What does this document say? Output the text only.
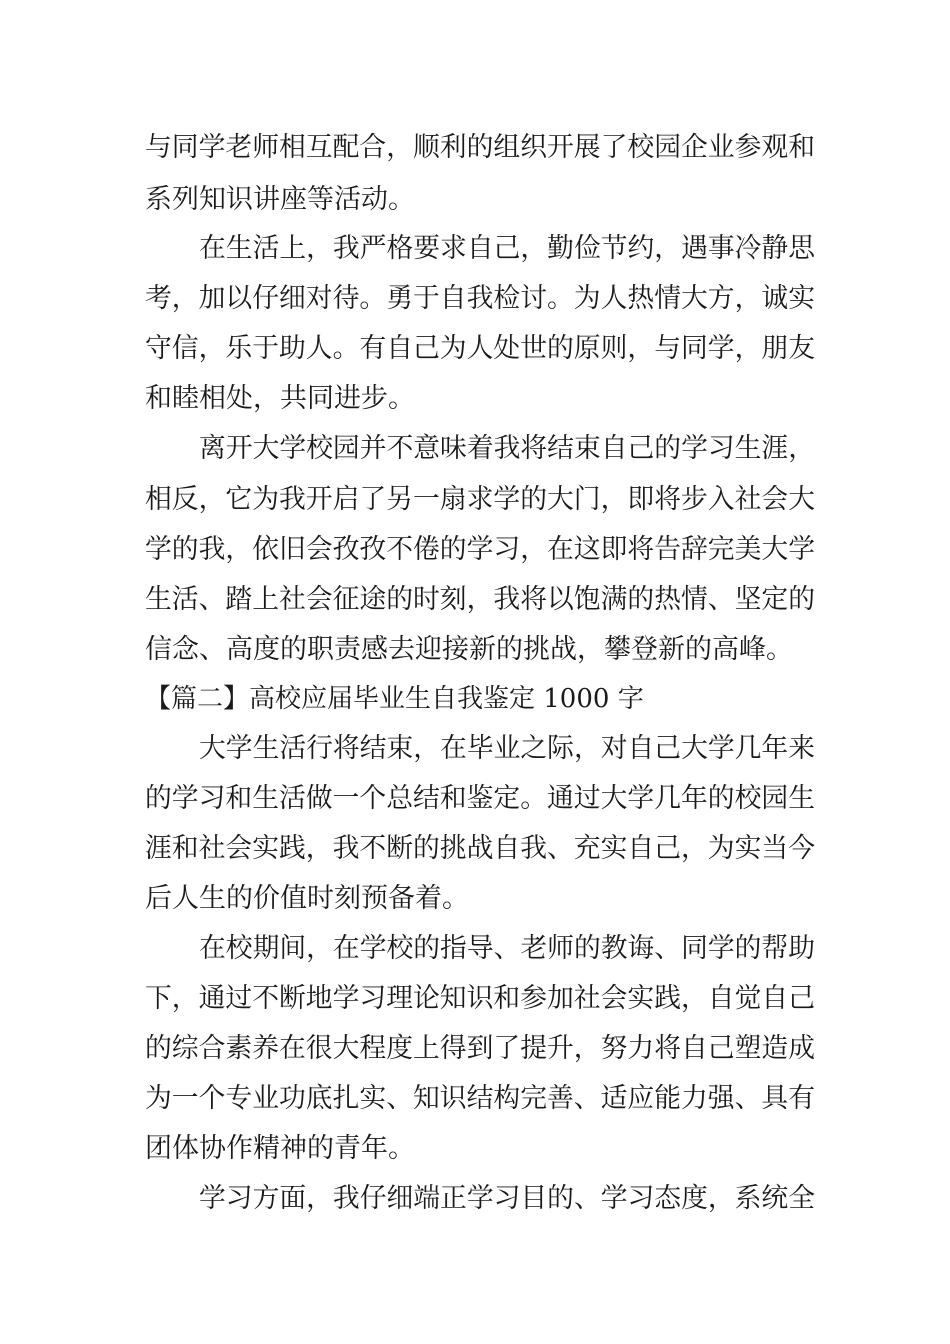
与同学老师相互配合，顺利的组织开展了校园企业参观和
系列知识讲座等活动。
在生活上，我严格要求自己，勤俭节约，遇事冷静思
考，加以仔细对待。勇于自我检讨。为人热情大方，诚实
守信，乐于助人。有自己为人处世的原则，与同学，朋友
和睦相处，共同进步。
离开大学校园并不意味着我将结束自己的学习生涯，
相反，它为我开启了另一扇求学的大门，即将步入社会大
学的我，依旧会孜孜不倦的学习，在这即将告辞完美大学
生活、踏上社会征途的时刻，我将以饱满的热情、坚定的
信念、高度的职责感去迎接新的挑战，攀登新的高峰。
【篇二】高校应届毕业生自我鉴定 1000 字
大学生活行将结束，在毕业之际，对自己大学几年来
的学习和生活做一个总结和鉴定。通过大学几年的校园生
涯和社会实践，我不断的挑战自我、充实自己，为实当今
后人生的价值时刻预备着。
在校期间，在学校的指导、老师的教诲、同学的帮助
下，通过不断地学习理论知识和参加社会实践，自觉自己
的综合素养在很大程度上得到了提升，努力将自己塑造成
为一个专业功底扎实、知识结构完善、适应能力强、具有
团体协作精神的青年。
学习方面，我仔细端正学习目的、学习态度，系统全
